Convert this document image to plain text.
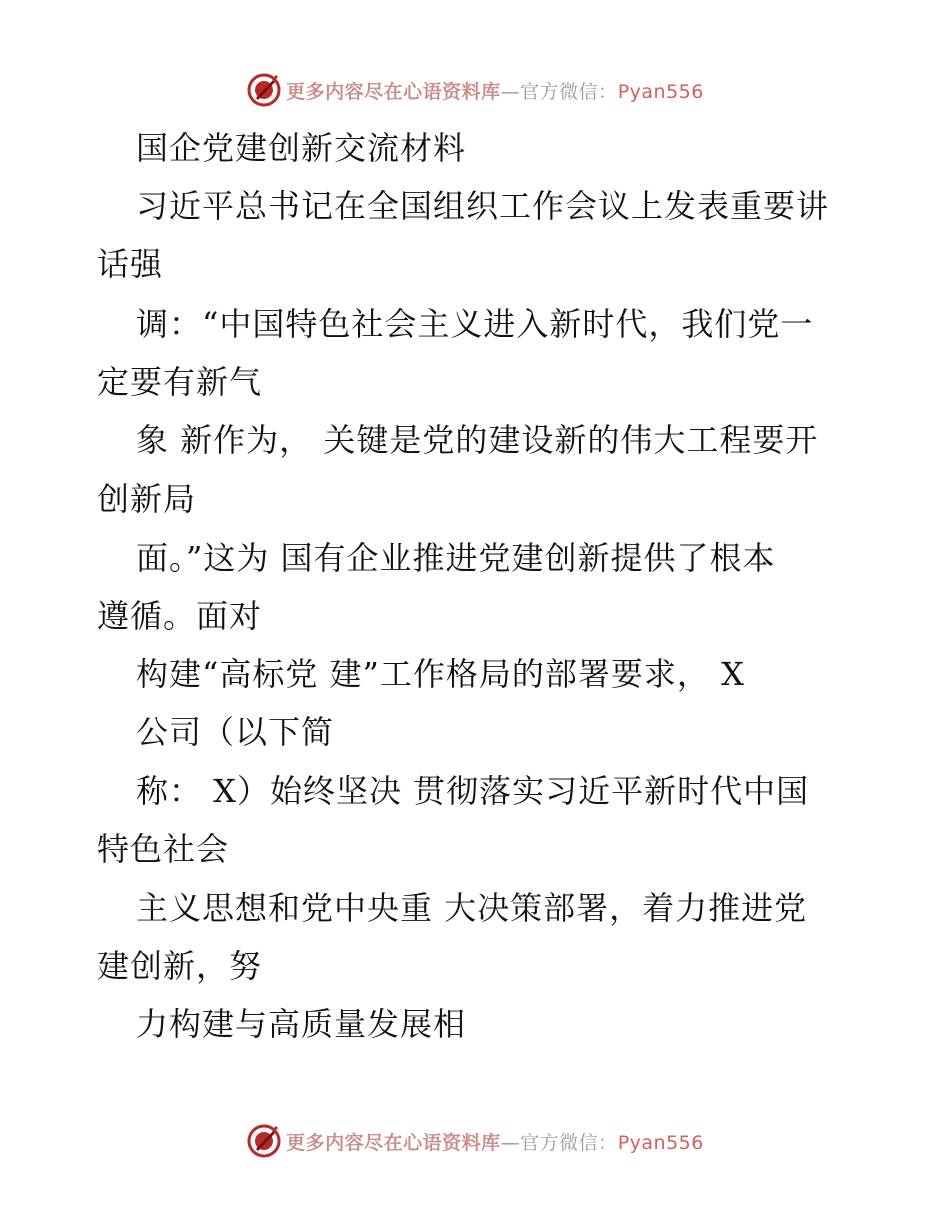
更多内容尽在心语资料库—官方微信：Pyan556
国企党建创新交流材料
习近平总书记在全国组织工作会议上发表重要讲
话强
调：“中国特色社会主义进入新时代，我们党一
定要有新气
象 新作为， 关键是党的建设新的伟大工程要开
创新局
面。”这为 国有企业推进党建创新提供了根本
遵循。面对
构建“高标党 建”工作格局的部署要求， X
公司（以下简
称： X）始终坚决 贯彻落实习近平新时代中国
特色社会
主义思想和党中央重 大决策部署，着力推进党
建创新，努
力构建与高质量发展相
更多内容尽在心语资料库—官方微信：Pyan556
